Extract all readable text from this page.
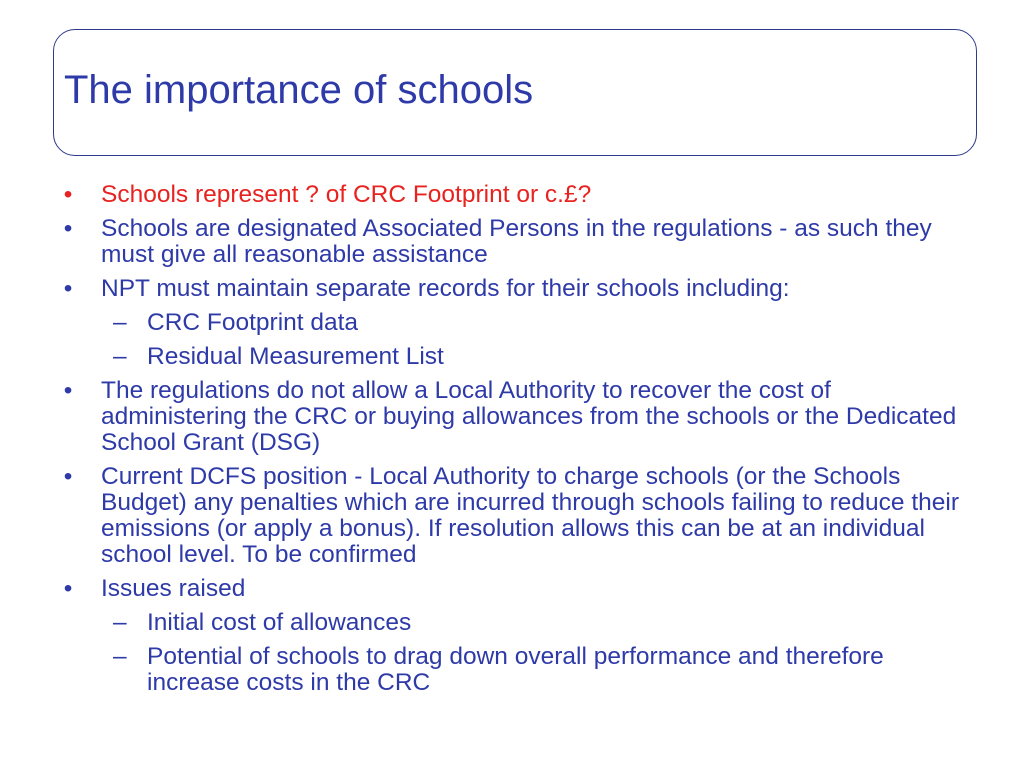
The importance of schools
• Schools represent ? of CRC Footprint or c.£?
• Schools are designated Associated Persons in the regulations - as such they must give all reasonable assistance
• NPT must maintain separate records for their schools including:
– CRC Footprint data
– Residual Measurement List
• The regulations do not allow a Local Authority to recover the cost of administering the CRC or buying allowances from the schools or the Dedicated School Grant (DSG)
• Current DCFS position - Local Authority to charge schools (or the Schools Budget) any penalties which are incurred through schools failing to reduce their emissions (or apply a bonus). If resolution allows this can be at an individual school level. To be confirmed
• Issues raised
– Initial cost of allowances
– Potential of schools to drag down overall performance and therefore increase costs in the CRC
